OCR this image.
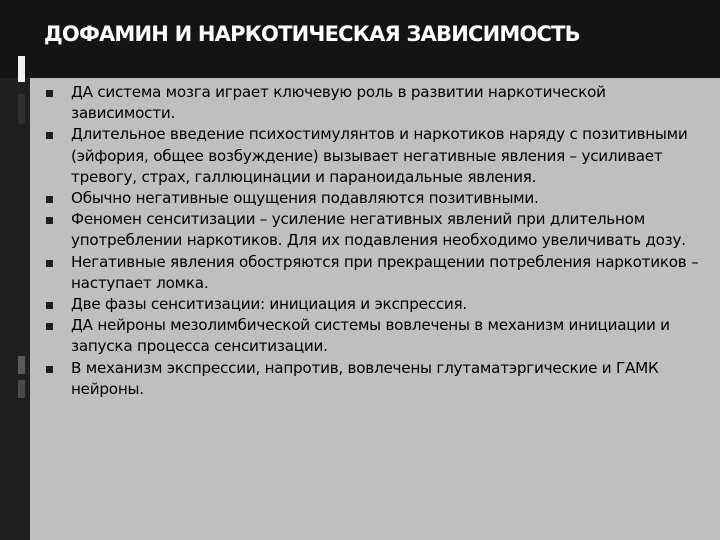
ДОФАМИН И НАРКОТИЧЕСКАЯ ЗАВИСИМОСТЬ
ДА система мозга играет ключевую роль в развитии наркотической зависимости.
Длительное введение психостимулянтов и наркотиков наряду с позитивными (эйфория, общее возбуждение) вызывает негативные явления – усиливает тревогу, страх, галлюцинации и параноидальные явления.
Обычно негативные ощущения подавляются позитивными.
Феномен сенситизации – усиление негативных явлений при длительном употреблении наркотиков. Для их подавления необходимо увеличивать дозу.
Негативные явления обостряются при прекращении потребления наркотиков – наступает ломка.
Две фазы сенситизации: инициация и экспрессия.
ДА нейроны мезолимбической системы вовлечены в механизм инициации и запуска процесса сенситизации.
В механизм экспрессии, напротив, вовлечены глутаматэргические и ГАМК нейроны.
